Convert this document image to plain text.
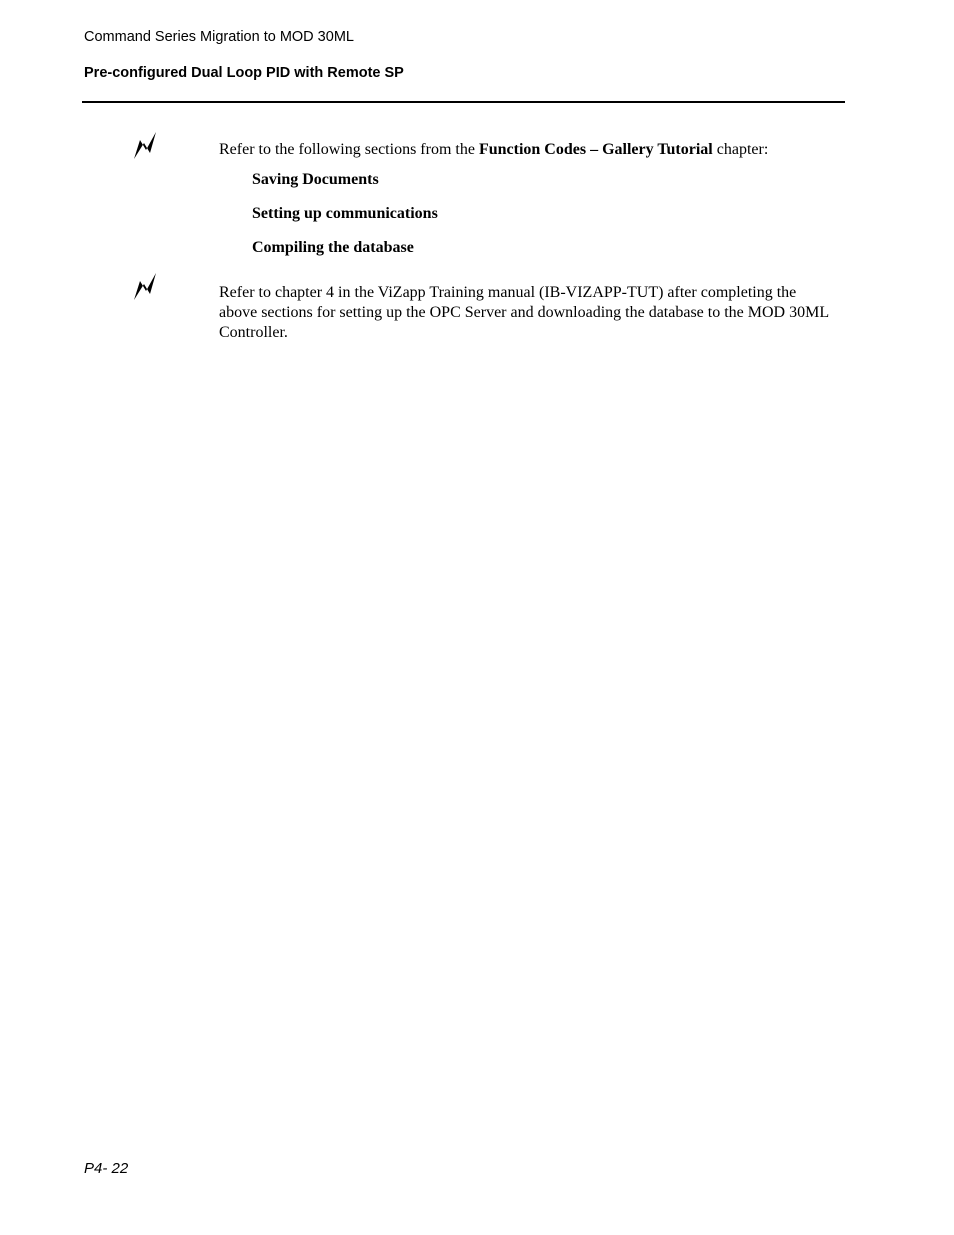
Command Series Migration to MOD 30ML
Pre-configured Dual Loop PID with Remote SP
Refer to the following sections from the Function Codes – Gallery Tutorial chapter:
Saving Documents
Setting up communications
Compiling the database
Refer to chapter 4 in the ViZapp Training manual (IB-VIZAPP-TUT) after completing the above sections for setting up the OPC Server and downloading the database to the MOD 30ML Controller.
P4- 22
